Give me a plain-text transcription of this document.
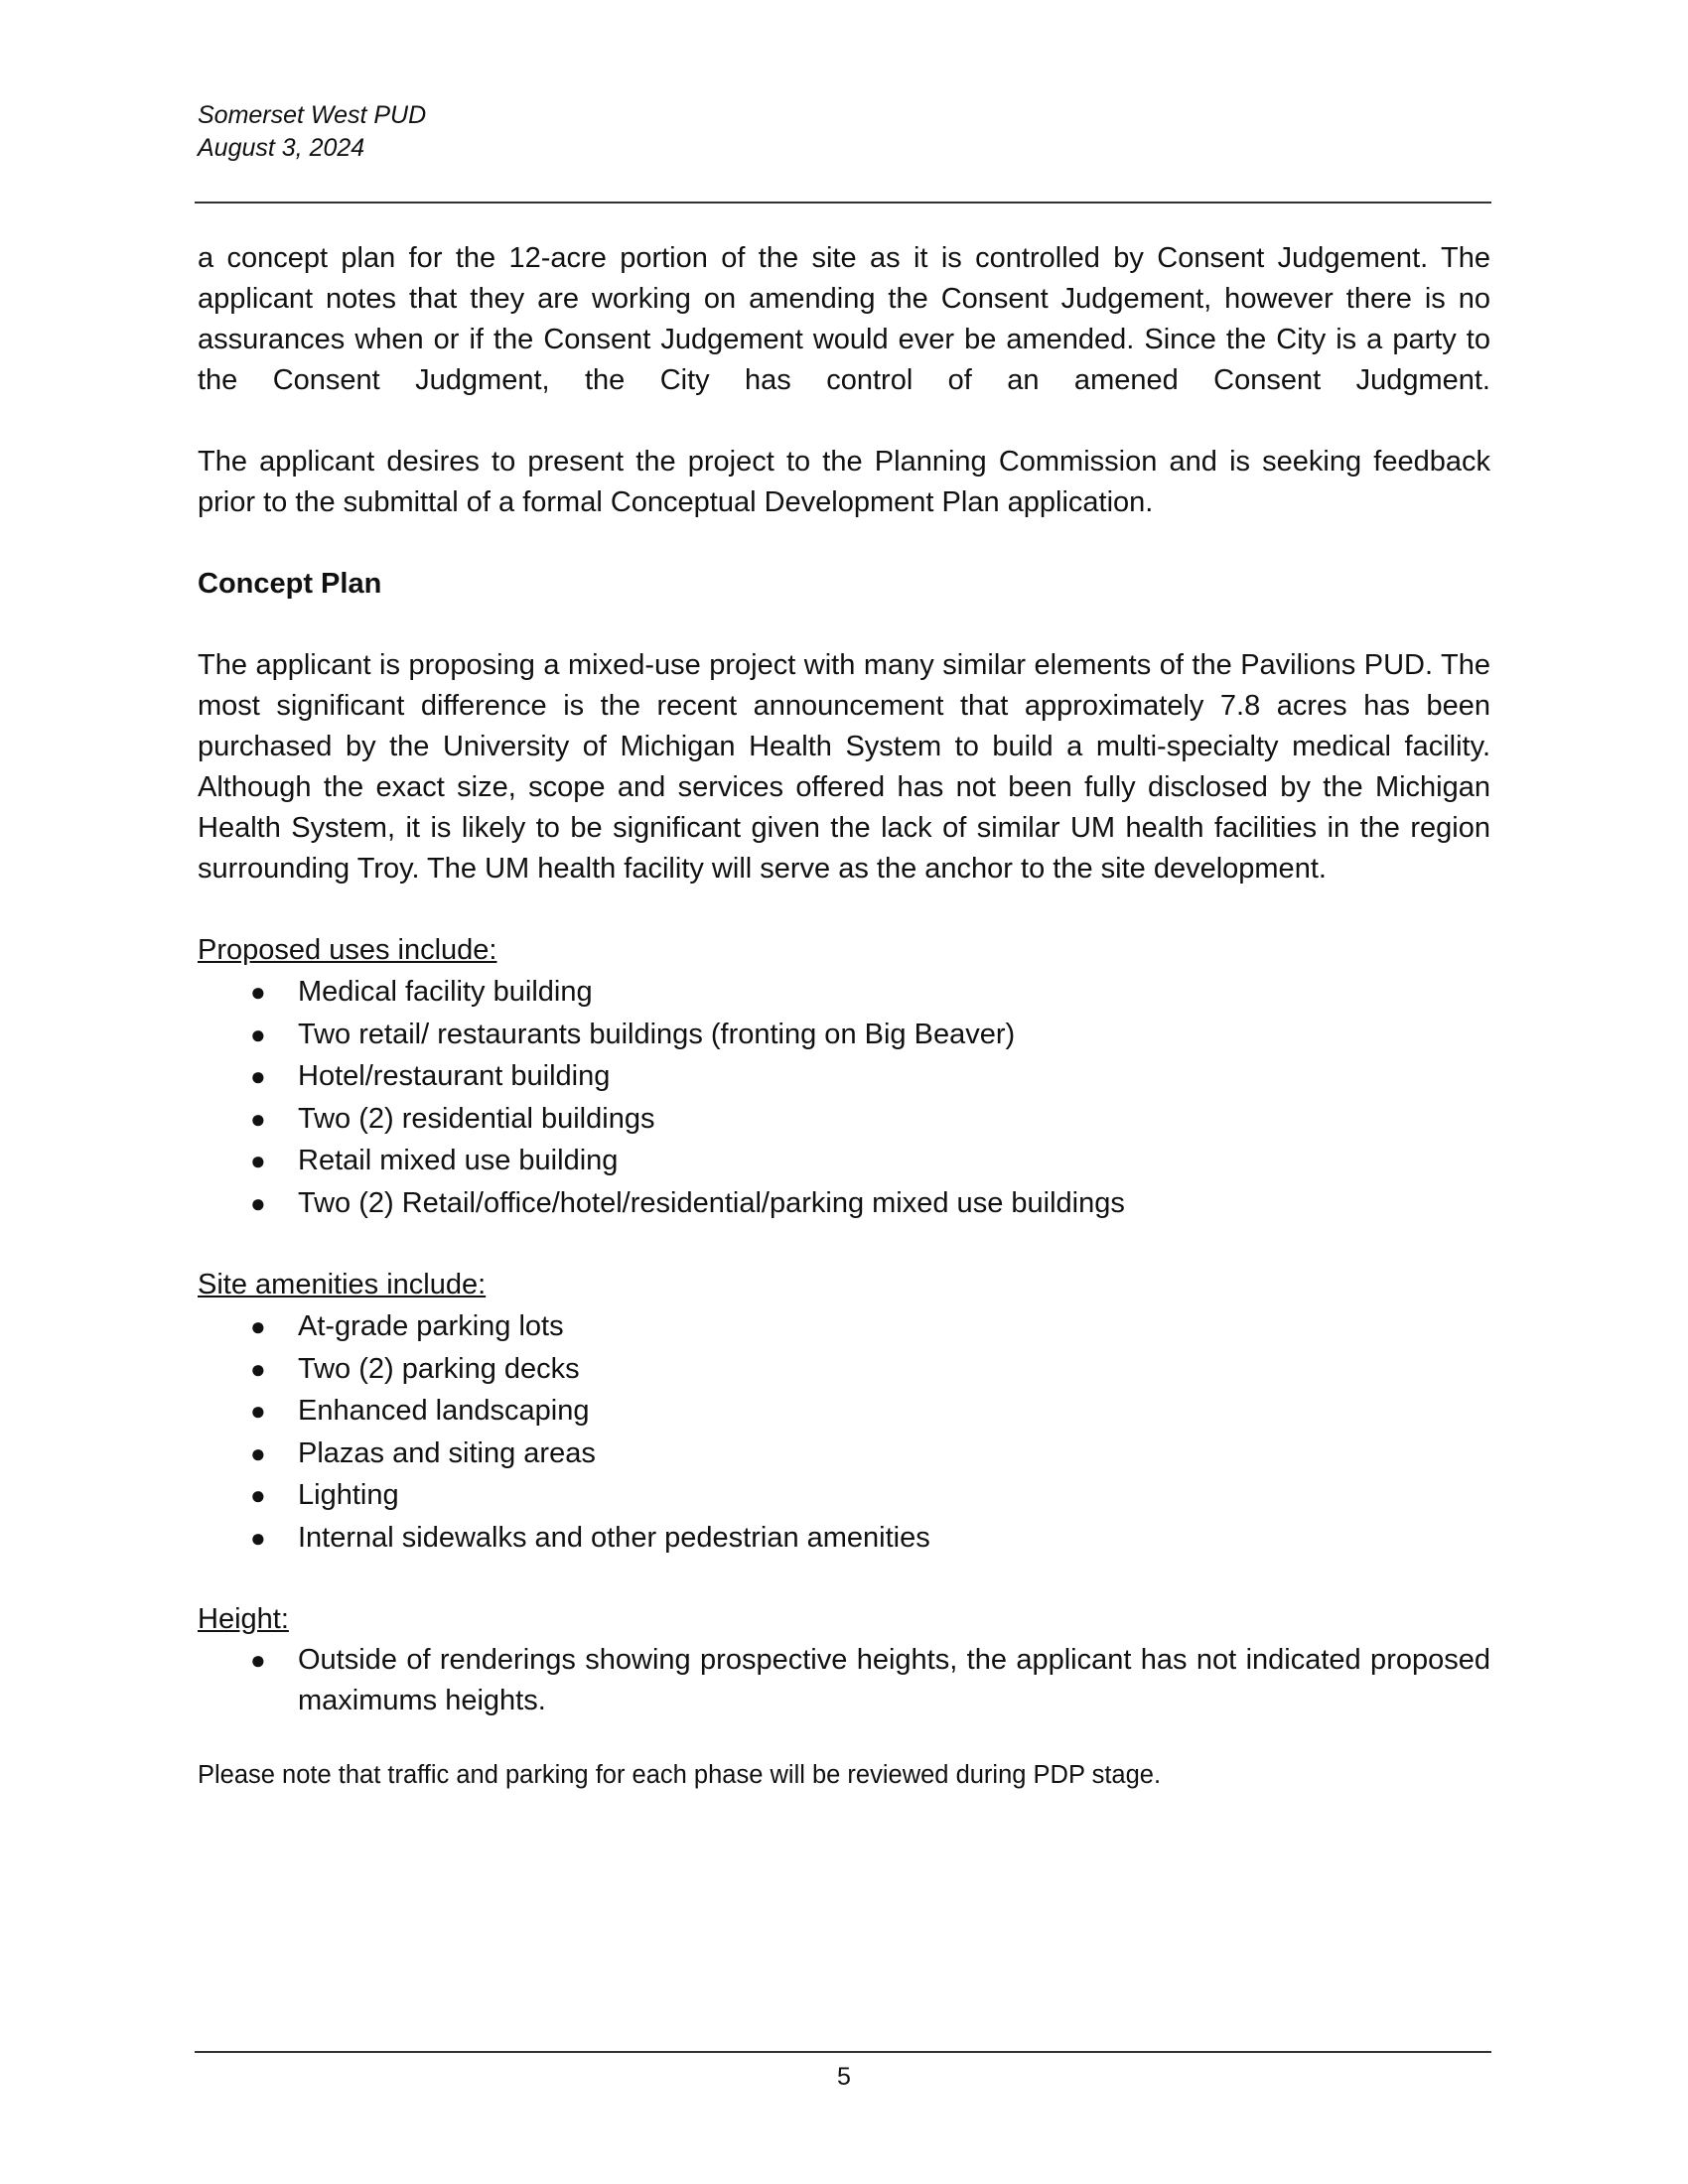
Somerset West PUD
August 3, 2024

a concept plan for the 12-acre portion of the site as it is controlled by Consent Judgement. The applicant notes that they are working on amending the Consent Judgement, however there is no assurances when or if the Consent Judgement would ever be amended. Since the City is a party to the Consent Judgment, the City has control of an amened Consent Judgment.

The applicant desires to present the project to the Planning Commission and is seeking feedback prior to the submittal of a formal Conceptual Development Plan application.

Concept Plan

The applicant is proposing a mixed-use project with many similar elements of the Pavilions PUD. The most significant difference is the recent announcement that approximately 7.8 acres has been purchased by the University of Michigan Health System to build a multi-specialty medical facility. Although the exact size, scope and services offered has not been fully disclosed by the Michigan Health System, it is likely to be significant given the lack of similar UM health facilities in the region surrounding Troy. The UM health facility will serve as the anchor to the site development.

Proposed uses include:
● Medical facility building
● Two retail/ restaurants buildings (fronting on Big Beaver)
● Hotel/restaurant building
● Two (2) residential buildings
● Retail mixed use building
● Two (2) Retail/office/hotel/residential/parking mixed use buildings
Site amenities include:
● At-grade parking lots
● Two (2) parking decks
● Enhanced landscaping
● Plazas and siting areas
● Lighting
● Internal sidewalks and other pedestrian amenities
Height:
● Outside of renderings showing prospective heights, the applicant has not indicated proposed maximums heights.
Please note that traffic and parking for each phase will be reviewed during PDP stage.
5
